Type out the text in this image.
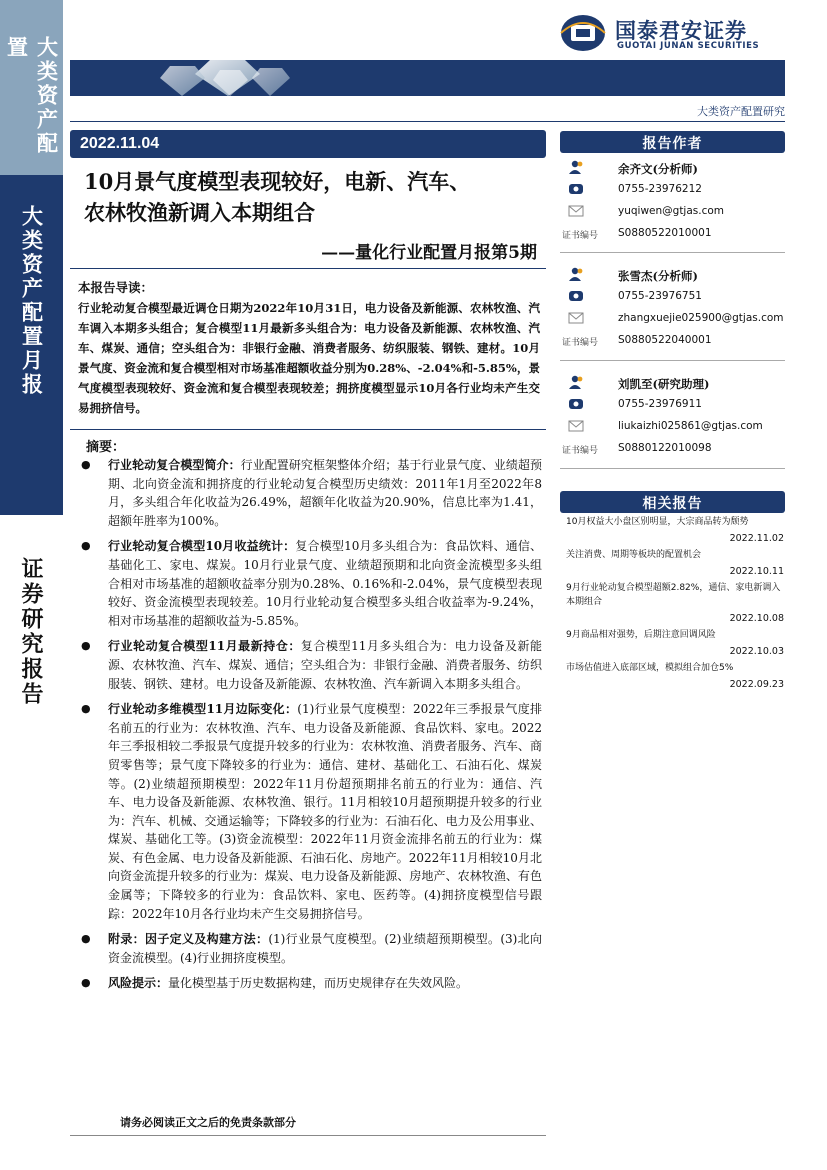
大类资产配置
大类资产配置月报
证券研究报告
国泰君安证券
GUOTAI JUNAN SECURITIES
大类资产配置研究
2022.11.04
10月景气度模型表现较好，电新、汽车、
农林牧渔新调入本期组合
——量化行业配置月报第5期
本报告导读：
行业轮动复合模型最近调仓日期为2022年10月31日，电力设备及新能源、农林牧渔、汽车调入本期多头组合；复合模型11月最新多头组合为：电力设备及新能源、农林牧渔、汽车、煤炭、通信；空头组合为：非银行金融、消费者服务、纺织服装、钢铁、建材。10月景气度、资金流和复合模型相对市场基准超额收益分别为0.28%、-2.04%和-5.85%，景气度模型表现较好、资金流和复合模型表现较差；拥挤度模型显示10月各行业均未产生交易拥挤信号。
摘要：
● 行业轮动复合模型简介：行业配置研究框架整体介绍；基于行业景气度、业绩超预期、北向资金流和拥挤度的行业轮动复合模型历史绩效：2011年1月至2022年8月，多头组合年化收益为26.49%，超额年化收益为20.90%，信息比率为1.41，超额年胜率为100%。
● 行业轮动复合模型10月收益统计：复合模型10月多头组合为：食品饮料、通信、基础化工、家电、煤炭。10月行业景气度、业绩超预期和北向资金流模型多头组合相对市场基准的超额收益率分别为0.28%、0.16%和-2.04%，景气度模型表现较好、资金流模型表现较差。10月行业轮动复合模型多头组合收益率为-9.24%，相对市场基准的超额收益为-5.85%。
● 行业轮动复合模型11月最新持仓：复合模型11月多头组合为：电力设备及新能源、农林牧渔、汽车、煤炭、通信；空头组合为：非银行金融、消费者服务、纺织服装、钢铁、建材。电力设备及新能源、农林牧渔、汽车新调入本期多头组合。
● 行业轮动多维模型11月边际变化：(1)行业景气度模型：2022年三季报景气度排名前五的行业为：农林牧渔、汽车、电力设备及新能源、食品饮料、家电。2022年三季报相较二季报景气度提升较多的行业为：农林牧渔、消费者服务、汽车、商贸零售等；景气度下降较多的行业为：通信、建材、基础化工、石油石化、煤炭等。(2)业绩超预期模型：2022年11月份超预期排名前五的行业为：通信、汽车、电力设备及新能源、农林牧渔、银行。11月相较10月超预期提升较多的行业为：汽车、机械、交通运输等；下降较多的行业为：石油石化、电力及公用事业、煤炭、基础化工等。(3)资金流模型：2022年11月资金流排名前五的行业为：煤炭、有色金属、电力设备及新能源、石油石化、房地产。2022年11月相较10月北向资金流提升较多的行业为：煤炭、电力设备及新能源、房地产、农林牧渔、有色金属等；下降较多的行业为：食品饮料、家电、医药等。(4)拥挤度模型信号跟踪：2022年10月各行业均未产生交易拥挤信号。
● 附录：因子定义及构建方法：(1)行业景气度模型。(2)业绩超预期模型。(3)北向资金流模型。(4)行业拥挤度模型。
● 风险提示：量化模型基于历史数据构建，而历史规律存在失效风险。
请务必阅读正文之后的免责条款部分
报告作者
余齐文(分析师)
0755-23976212
yuqiwen@gtjas.com
证书编号 S0880522010001
张雪杰(分析师)
0755-23976751
zhangxuejie025900@gtjas.com
证书编号 S0880522040001
刘凯至(研究助理)
0755-23976911
liukaizhi025861@gtjas.com
证书编号 S0880122010098
相关报告
10月权益大小盘区别明显，大宗商品转为颓势
2022.11.02
关注消费、周期等板块的配置机会
2022.10.11
9月行业轮动复合模型超额2.82%，通信、家电新调入本期组合
2022.10.08
9月商品相对强势，后期注意回调风险
2022.10.03
市场估值进入底部区域，模拟组合加仓5%
2022.09.23
